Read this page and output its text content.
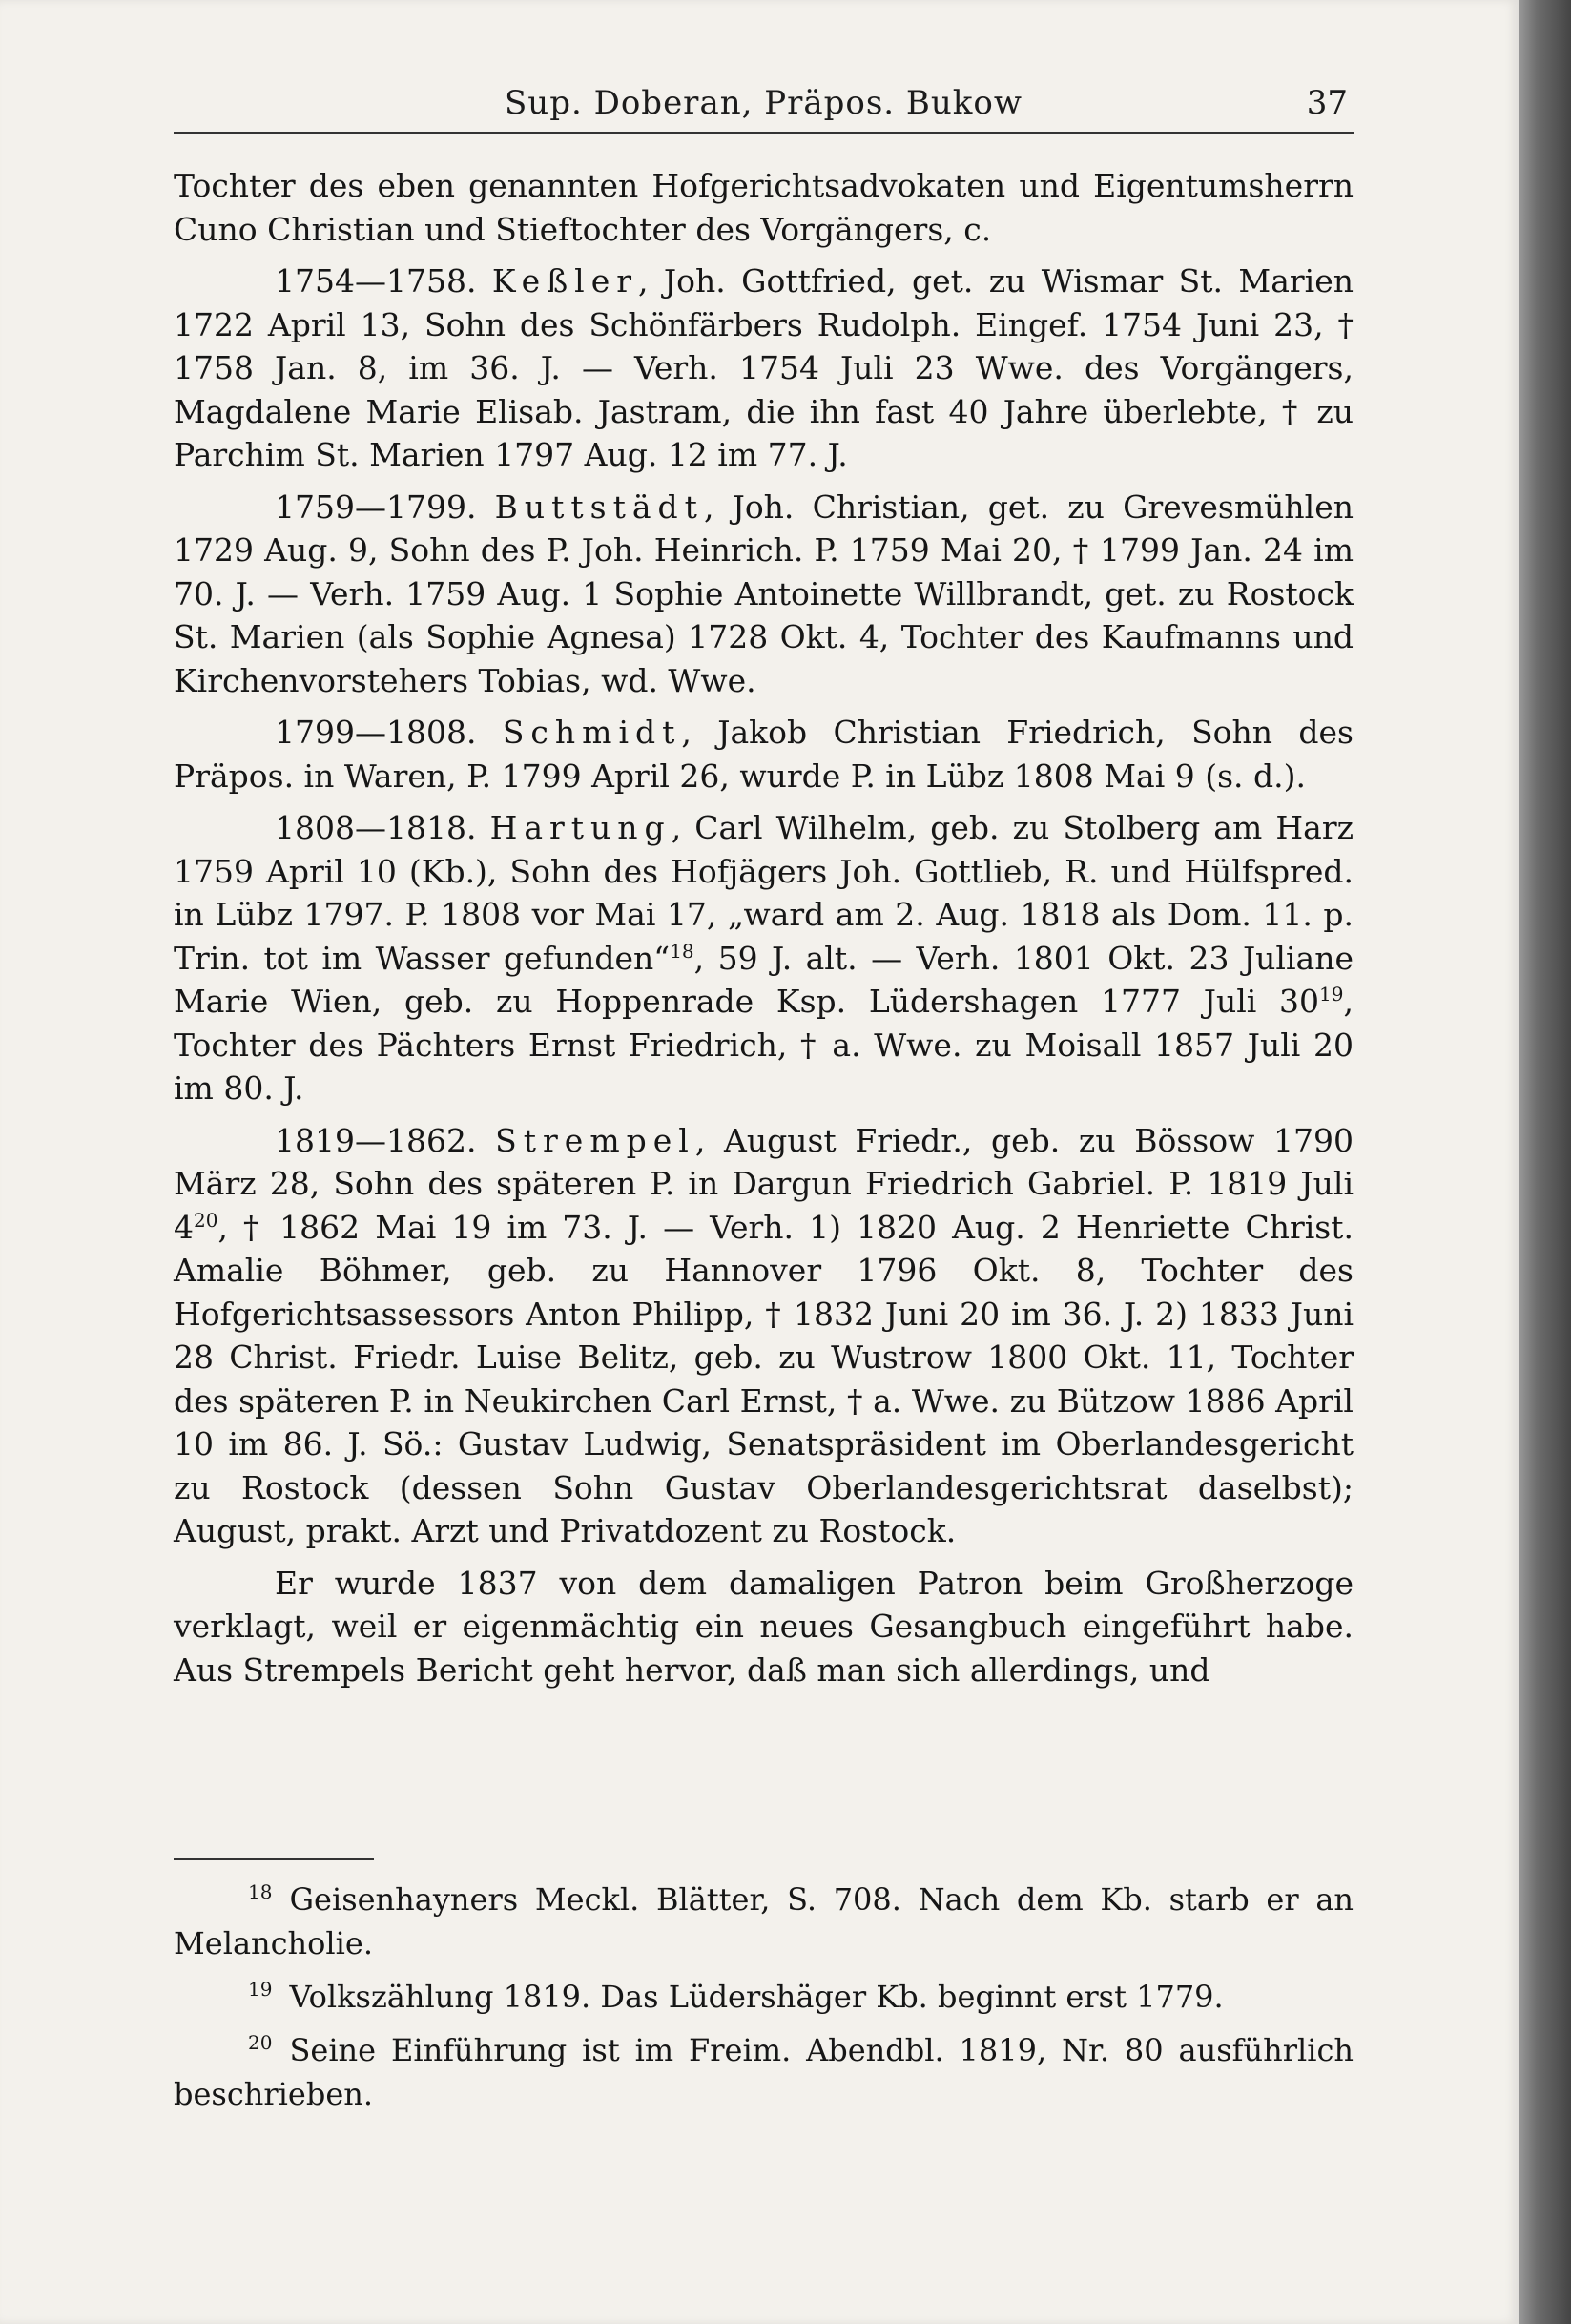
Sup. Doberan, Präpos. Bukow	37

Tochter des eben genannten Hofgerichtsadvokaten und Eigentumsherrn Cuno Christian und Stieftochter des Vorgängers, c.

1754—1758. Keßler, Joh. Gottfried, get. zu Wismar St. Marien 1722 April 13, Sohn des Schönfärbers Rudolph. Eingef. 1754 Juni 23, † 1758 Jan. 8, im 36. J. — Verh. 1754 Juli 23 Wwe. des Vorgängers, Magdalene Marie Elisab. Jastram, die ihn fast 40 Jahre überlebte, † zu Parchim St. Marien 1797 Aug. 12 im 77. J.

1759—1799. Buttstädt, Joh. Christian, get. zu Grevesmühlen 1729 Aug. 9, Sohn des P. Joh. Heinrich. P. 1759 Mai 20, † 1799 Jan. 24 im 70. J. — Verh. 1759 Aug. 1 Sophie Antoinette Willbrandt, get. zu Rostock St. Marien (als Sophie Agnesa) 1728 Okt. 4, Tochter des Kaufmanns und Kirchenvorstehers Tobias, wd. Wwe.

1799—1808. Schmidt, Jakob Christian Friedrich, Sohn des Präpos. in Waren, P. 1799 April 26, wurde P. in Lübz 1808 Mai 9 (s. d.).

1808—1818. Hartung, Carl Wilhelm, geb. zu Stolberg am Harz 1759 April 10 (Kb.), Sohn des Hofjägers Joh. Gottlieb, R. und Hülfspred. in Lübz 1797. P. 1808 vor Mai 17, „ward am 2. Aug. 1818 als Dom. 11. p. Trin. tot im Wasser gefunden“$^{18}$, 59 J. alt. — Verh. 1801 Okt. 23 Juliane Marie Wien, geb. zu Hoppenrade Ksp. Lüdershagen 1777 Juli $30^{19}$, Tochter des Pächters Ernst Friedrich, † a. Wwe. zu Moisall 1857 Juli 20 im 80. J.

1819—1862. Strempel, August Friedr., geb. zu Bössow 1790 März 28, Sohn des späteren P. in Dargun Friedrich Gabriel. P. 1819 Juli $4^{20}$, † 1862 Mai 19 im 73. J. — Verh. 1) 1820 Aug. 2 Henriette Christ. Amalie Böhmer, geb. zu Hannover 1796 Okt. 8, Tochter des Hofgerichtsassessors Anton Philipp, † 1832 Juni 20 im 36. J. 2) 1833 Juni 28 Christ. Friedr. Luise Belitz, geb. zu Wustrow 1800 Okt. 11, Tochter des späteren P. in Neukirchen Carl Ernst, † a. Wwe. zu Bützow 1886 April 10 im 86. J. Sö.: Gustav Ludwig, Senatspräsident im Oberlandesgericht zu Rostock (dessen Sohn Gustav Oberlandesgerichtsrat daselbst); August, prakt. Arzt und Privatdozent zu Rostock.

Er wurde 1837 von dem damaligen Patron beim Großherzoge verklagt, weil er eigenmächtig ein neues Gesangbuch eingeführt habe. Aus Strempels Bericht geht hervor, daß man sich allerdings, und

$^{18}$ Geisenhayners Meckl. Blätter, S. 708. Nach dem Kb. starb er an Melancholie.

$^{19}$ Volkszählung 1819. Das Lüdershäger Kb. beginnt erst 1779.

$^{20}$ Seine Einführung ist im Freim. Abendbl. 1819, Nr. 80 ausführlich beschrieben.
